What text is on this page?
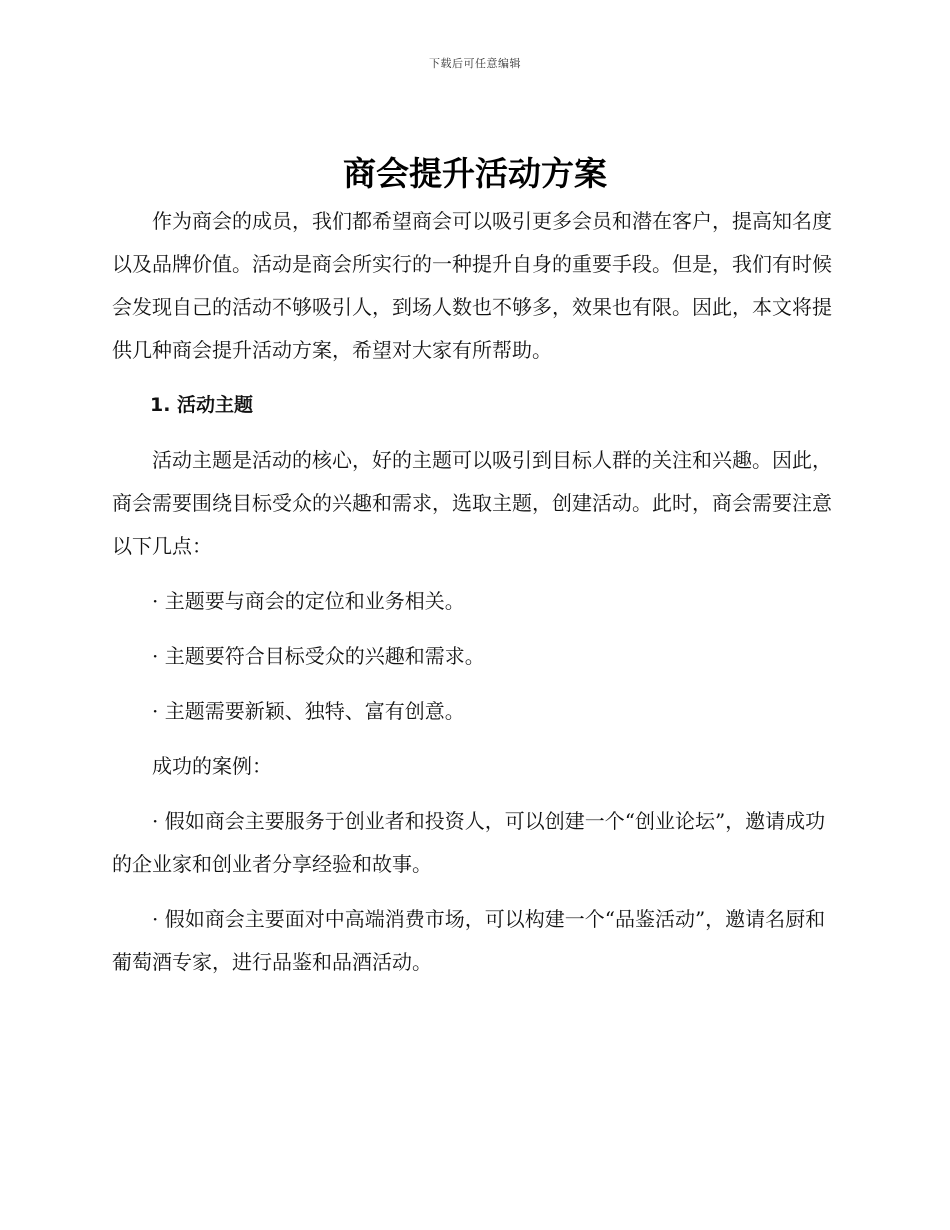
下载后可任意编辑
商会提升活动方案

作为商会的成员，我们都希望商会可以吸引更多会员和潜在客户，提高知名度以及品牌价值。活动是商会所实行的一种提升自身的重要手段。但是，我们有时候会发现自己的活动不够吸引人，到场人数也不够多，效果也有限。因此，本文将提供几种商会提升活动方案，希望对大家有所帮助。

1. 活动主题

活动主题是活动的核心，好的主题可以吸引到目标人群的关注和兴趣。因此，商会需要围绕目标受众的兴趣和需求，选取主题，创建活动。此时，商会需要注意以下几点：

· 主题要与商会的定位和业务相关。

· 主题要符合目标受众的兴趣和需求。

· 主题需要新颖、独特、富有创意。

成功的案例：

· 假如商会主要服务于创业者和投资人，可以创建一个“创业论坛”，邀请成功的企业家和创业者分享经验和故事。

· 假如商会主要面对中高端消费市场，可以构建一个“品鉴活动”，邀请名厨和葡萄酒专家，进行品鉴和品酒活动。
